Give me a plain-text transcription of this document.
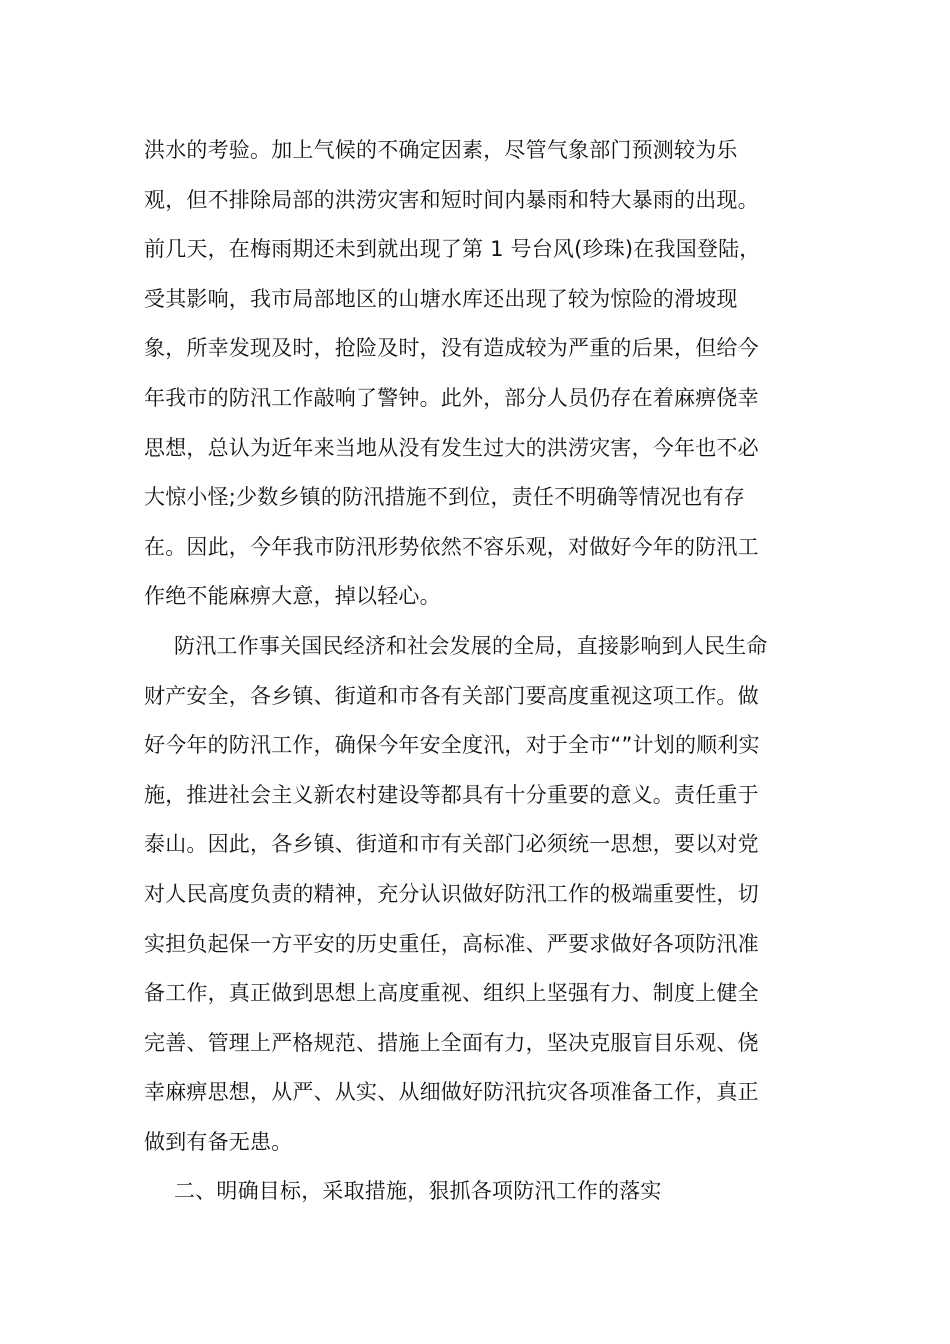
洪水的考验。加上气候的不确定因素，尽管气象部门预测较为乐
观，但不排除局部的洪涝灾害和短时间内暴雨和特大暴雨的出现。
前几天，在梅雨期还未到就出现了第 1 号台风(珍珠)在我国登陆，
受其影响，我市局部地区的山塘水库还出现了较为惊险的滑坡现
象，所幸发现及时，抢险及时，没有造成较为严重的后果，但给今
年我市的防汛工作敲响了警钟。此外，部分人员仍存在着麻痹侥幸
思想，总认为近年来当地从没有发生过大的洪涝灾害，今年也不必
大惊小怪;少数乡镇的防汛措施不到位，责任不明确等情况也有存
在。因此，今年我市防汛形势依然不容乐观，对做好今年的防汛工
作绝不能麻痹大意，掉以轻心。
防汛工作事关国民经济和社会发展的全局，直接影响到人民生命
财产安全，各乡镇、街道和市各有关部门要高度重视这项工作。做
好今年的防汛工作，确保今年安全度汛，对于全市“”计划的顺利实
施，推进社会主义新农村建设等都具有十分重要的意义。责任重于
泰山。因此，各乡镇、街道和市有关部门必须统一思想，要以对党
对人民高度负责的精神，充分认识做好防汛工作的极端重要性，切
实担负起保一方平安的历史重任，高标准、严要求做好各项防汛准
备工作，真正做到思想上高度重视、组织上坚强有力、制度上健全
完善、管理上严格规范、措施上全面有力，坚决克服盲目乐观、侥
幸麻痹思想，从严、从实、从细做好防汛抗灾各项准备工作，真正
做到有备无患。
二、明确目标，采取措施，狠抓各项防汛工作的落实
